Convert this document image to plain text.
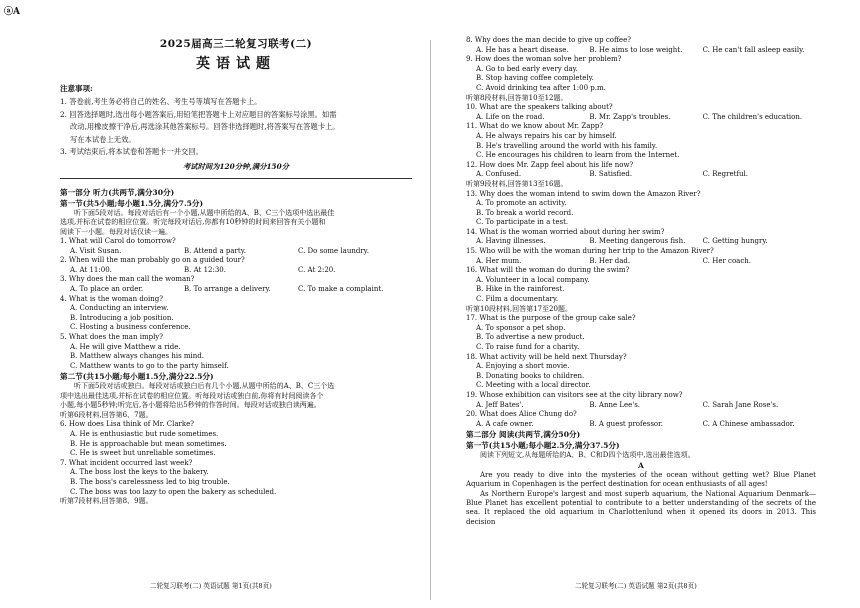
ⓐA
2025届高三二轮复习联考(二)
英语试题
注意事项:
1. 答卷前,考生务必将自己的姓名、考生号等填写在答题卡上。
2. 回答选择题时,选出每小题答案后,用铅笔把答题卡上对应题目的答案标号涂黑。如需
改动,用橡皮擦干净后,再选涂其他答案标号。回答非选择题时,将答案写在答题卡上。
写在本试卷上无效。
3. 考试结束后,将本试卷和答题卡一并交回。
考试时间为120分钟,满分150分
第一部分 听力(共两节,满分30分)
第一节(共5小题;每小题1.5分,满分7.5分)
听下面5段对话。每段对话后有一个小题,从题中所给的A、B、C三个选项中选出最佳
选项,并标在试卷的相应位置。听完每段对话后,你都有10秒钟的时间来回答有关小题和
阅读下一小题。每段对话仅读一遍。
1. What will Carol do tomorrow?
A. Visit Susan.	B. Attend a party.	C. Do some laundry.
2. When will the man probably go on a guided tour?
A. At 11:00.	B. At 12:30.	C. At 2:20.
3. Why does the man call the woman?
A. To place an order.	B. To arrange a delivery.	C. To make a complaint.
4. What is the woman doing?
A. Conducting an interview.
B. Introducing a job position.
C. Hosting a business conference.
5. What does the man imply?
A. He will give Matthew a ride.
B. Matthew always changes his mind.
C. Matthew wants to go to the party himself.
第二节(共15小题;每小题1.5分,满分22.5分)
听下面5段对话或独白。每段对话或独白后有几个小题,从题中所给的A、B、C三个选
项中选出最佳选项,并标在试卷的相应位置。听每段对话或独白前,你将有时间阅读各个
小题,每小题5秒钟;听完后,各小题将给出5秒钟的作答时间。每段对话或独白读两遍。
听第6段材料,回答第6、7题。
6. How does Lisa think of Mr. Clarke?
A. He is enthusiastic but rude sometimes.
B. He is approachable but mean sometimes.
C. He is sweet but unreliable sometimes.
7. What incident occurred last week?
A. The boss lost the keys to the bakery.
B. The boss's carelessness led to big trouble.
C. The boss was too lazy to open the bakery as scheduled.
听第7段材料,回答第8、9题。
8. Why does the man decide to give up coffee?
A. He has a heart disease.	B. He aims to lose weight.	C. He can't fall asleep easily.
9. How does the woman solve her problem?
A. Go to bed early every day.
B. Stop having coffee completely.
C. Avoid drinking tea after 1:00 p.m.
听第8段材料,回答第10至12题。
10. What are the speakers talking about?
A. Life on the road.	B. Mr. Zapp's troubles.	C. The children's education.
11. What do we know about Mr. Zapp?
A. He always repairs his car by himself.
B. He's travelling around the world with his family.
C. He encourages his children to learn from the Internet.
12. How does Mr. Zapp feel about his life now?
A. Confused.	B. Satisfied.	C. Regretful.
听第9段材料,回答第13至16题。
13. Why does the woman intend to swim down the Amazon River?
A. To promote an activity.
B. To break a world record.
C. To participate in a test.
14. What is the woman worried about during her swim?
A. Having illnesses.	B. Meeting dangerous fish.	C. Getting hungry.
15. Who will be with the woman during her trip to the Amazon River?
A. Her mum.	B. Her dad.	C. Her coach.
16. What will the woman do during the swim?
A. Volunteer in a local company.
B. Hike in the rainforest.
C. Film a documentary.
听第10段材料,回答第17至20题。
17. What is the purpose of the group cake sale?
A. To sponsor a pet shop.
B. To advertise a new product.
C. To raise fund for a charity.
18. What activity will be held next Thursday?
A. Enjoying a short movie.
B. Donating books to children.
C. Meeting with a local director.
19. Whose exhibition can visitors see at the city library now?
A. Jeff Bates'.	B. Anne Lee's.	C. Sarah Jane Rose's.
20. What does Alice Chung do?
A. A cafe owner.	B. A guest professor.	C. A Chinese ambassador.
第二部分 阅读(共两节,满分50分)
第一节(共15小题;每小题2.5分,满分37.5分)
阅读下列短文,从每题所给的A、B、C和D四个选项中,选出最佳选项。
A
Are you ready to dive into the mysteries of the ocean without getting wet? Blue Planet Aquarium in Copenhagen is the perfect destination for ocean enthusiasts of all ages!
As Northern Europe's largest and most superb aquarium, the National Aquarium Denmark—Blue Planet has excellent potential to contribute to a better understanding of the secrets of the sea. It replaced the old aquarium in Charlottenlund when it opened its doors in 2013. This decision
二轮复习联考(二) 英语试题 第1页(共8页)	二轮复习联考(二) 英语试题 第2页(共8页)
